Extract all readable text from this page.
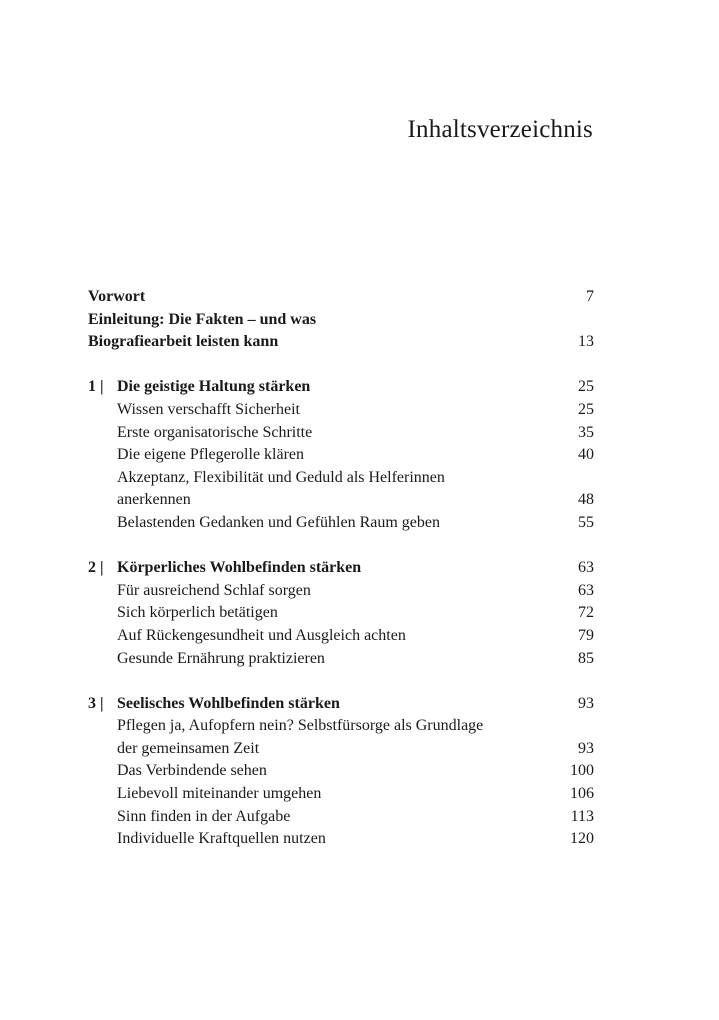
Inhaltsverzeichnis
Vorwort	7
Einleitung: Die Fakten – und was
Biografiearbeit leisten kann	13
1 | Die geistige Haltung stärken	25
Wissen verschafft Sicherheit	25
Erste organisatorische Schritte	35
Die eigene Pflegerolle klären	40
Akzeptanz, Flexibilität und Geduld als Helferinnen
anerkennen	48
Belastenden Gedanken und Gefühlen Raum geben	55
2 | Körperliches Wohlbefinden stärken	63
Für ausreichend Schlaf sorgen	63
Sich körperlich betätigen	72
Auf Rückengesundheit und Ausgleich achten	79
Gesunde Ernährung praktizieren	85
3 | Seelisches Wohlbefinden stärken	93
Pflegen ja, Aufopfern nein? Selbstfürsorge als Grundlage
der gemeinsamen Zeit	93
Das Verbindende sehen	100
Liebevoll miteinander umgehen	106
Sinn finden in der Aufgabe	113
Individuelle Kraftquellen nutzen	120
